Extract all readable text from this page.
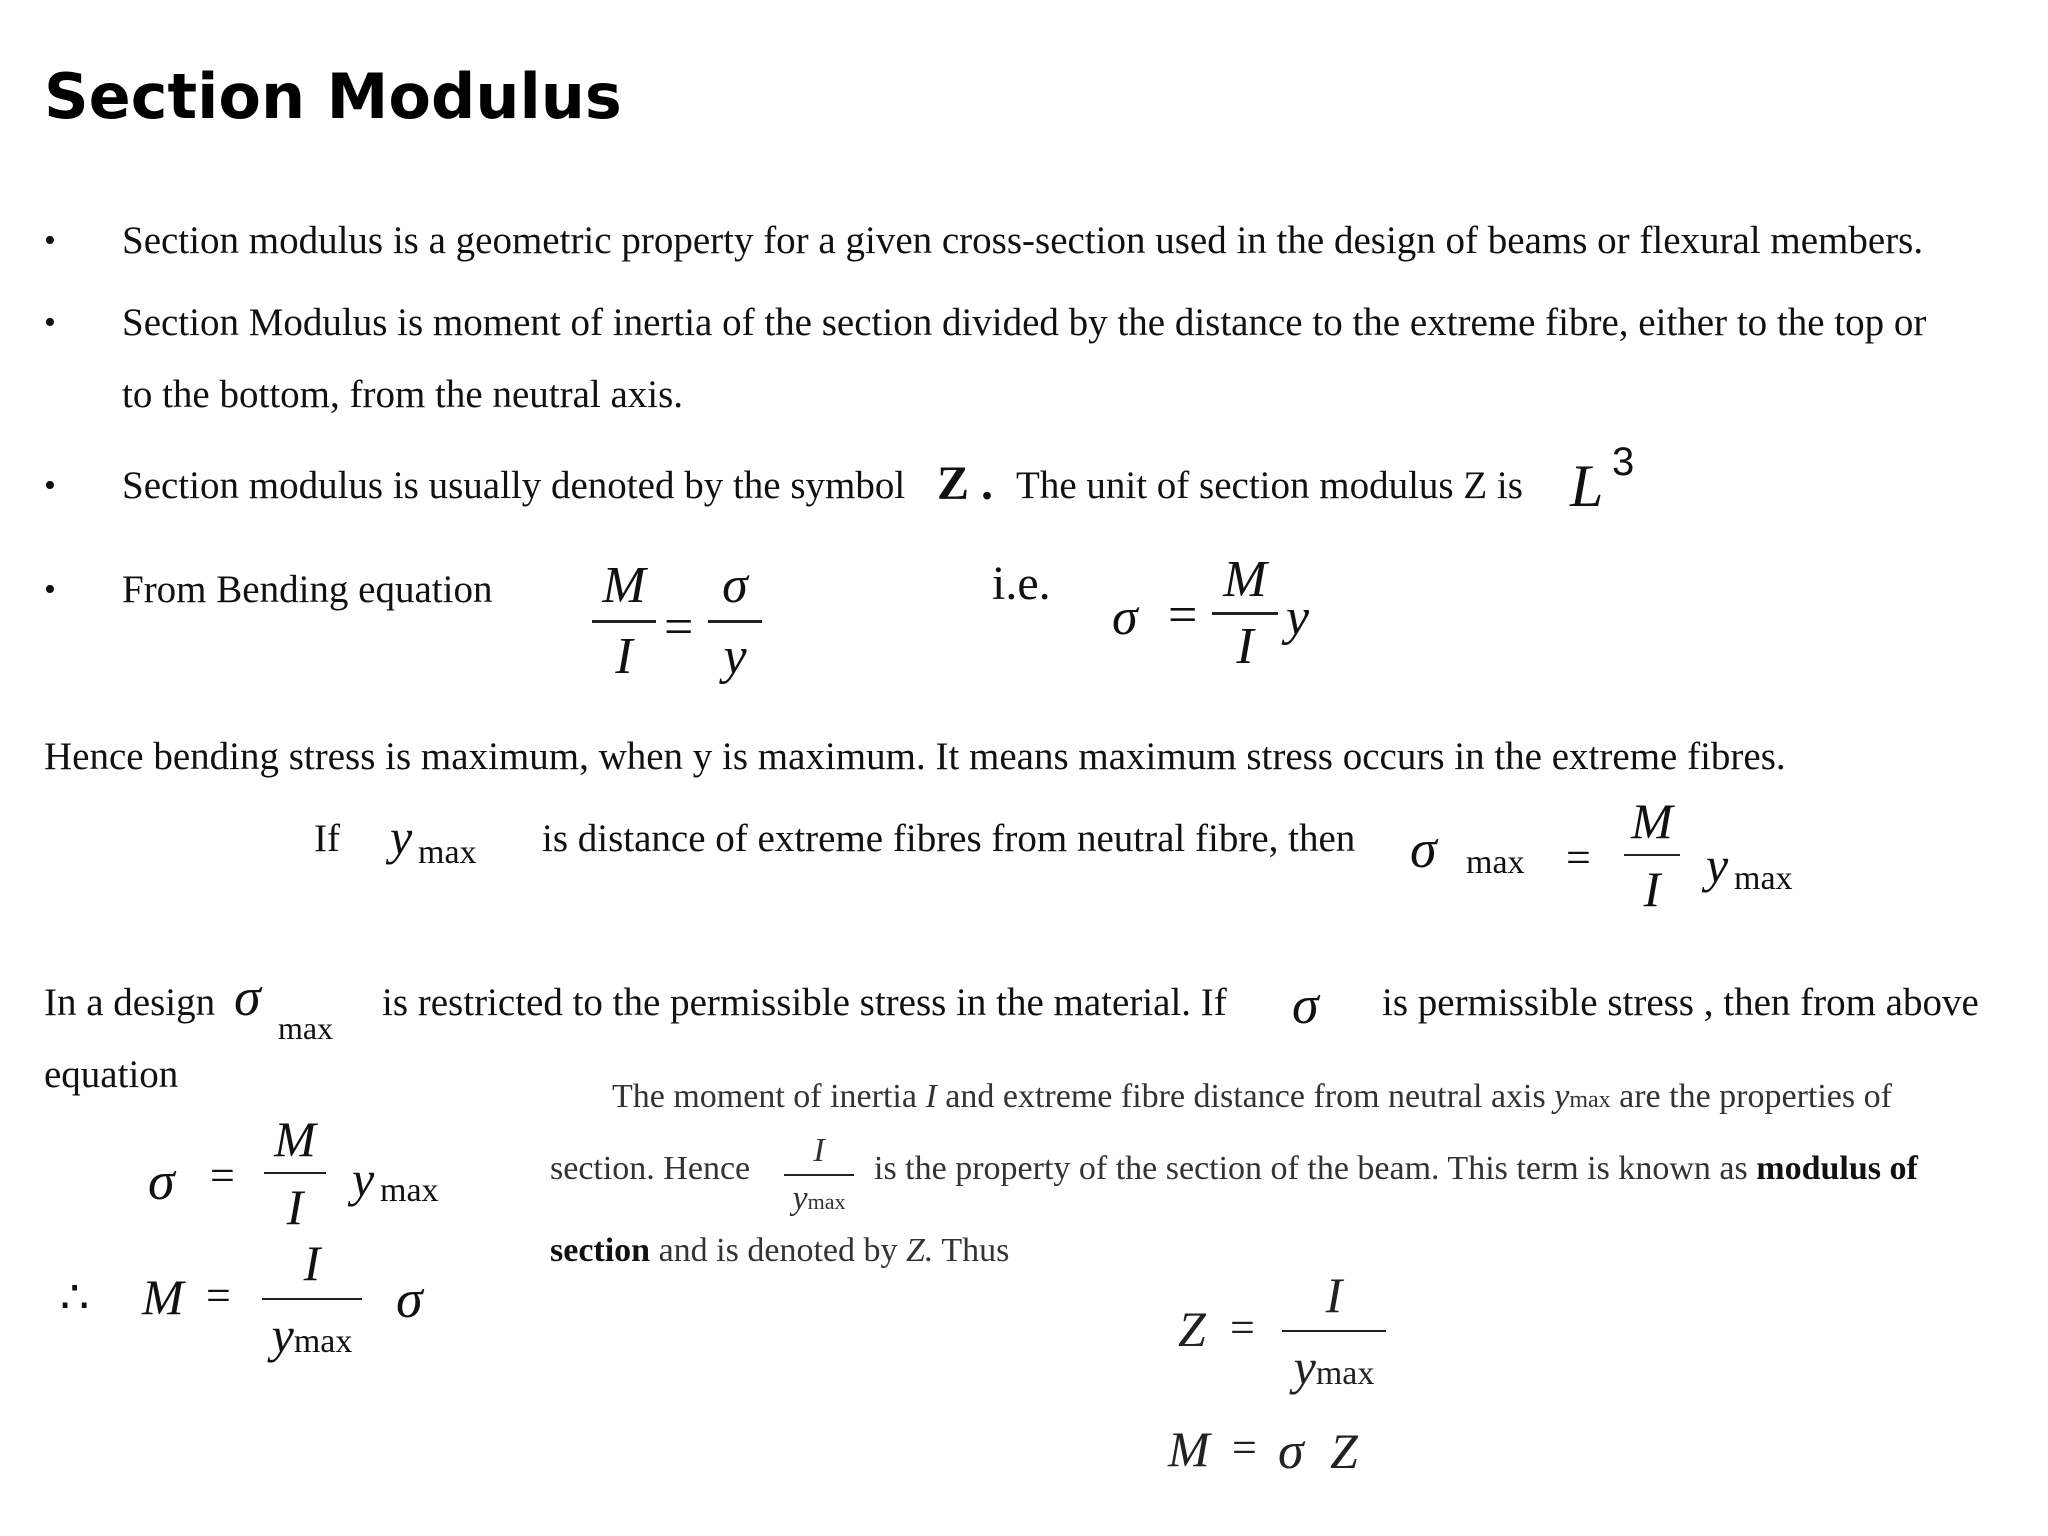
Section Modulus
• Section modulus is a geometric property for a given cross-section used in the design of beams or flexural members.
• Section Modulus is moment of inertia of the section divided by the distance to the extreme fibre, either to the top or
to the bottom, from the neutral axis.
• Section modulus is usually denoted by the symbol Z . The unit of section modulus Z is L 3
• From Bending equation M
I
=
σ
y
i.e.
σ =
M
I
y
Hence bending stress is maximum, when y is maximum. It means maximum stress occurs in the extreme fibres.
If y max is distance of extreme fibres from neutral fibre, then σ max =
M
I y max
In a design σ
max
is restricted to the permissible stress in the material. If σ is permissible stress , then from above
equation
σ =
M
I y max
∴ M =
I
ymax
σ
The moment of inertia I and extreme fibre distance from neutral axis ymax are the properties of
section. Hence I
ymax
is the property of the section of the beam. This term is known as modulus of
section and is denoted by Z. Thus
Z =
I
ymax
M = σ Z
